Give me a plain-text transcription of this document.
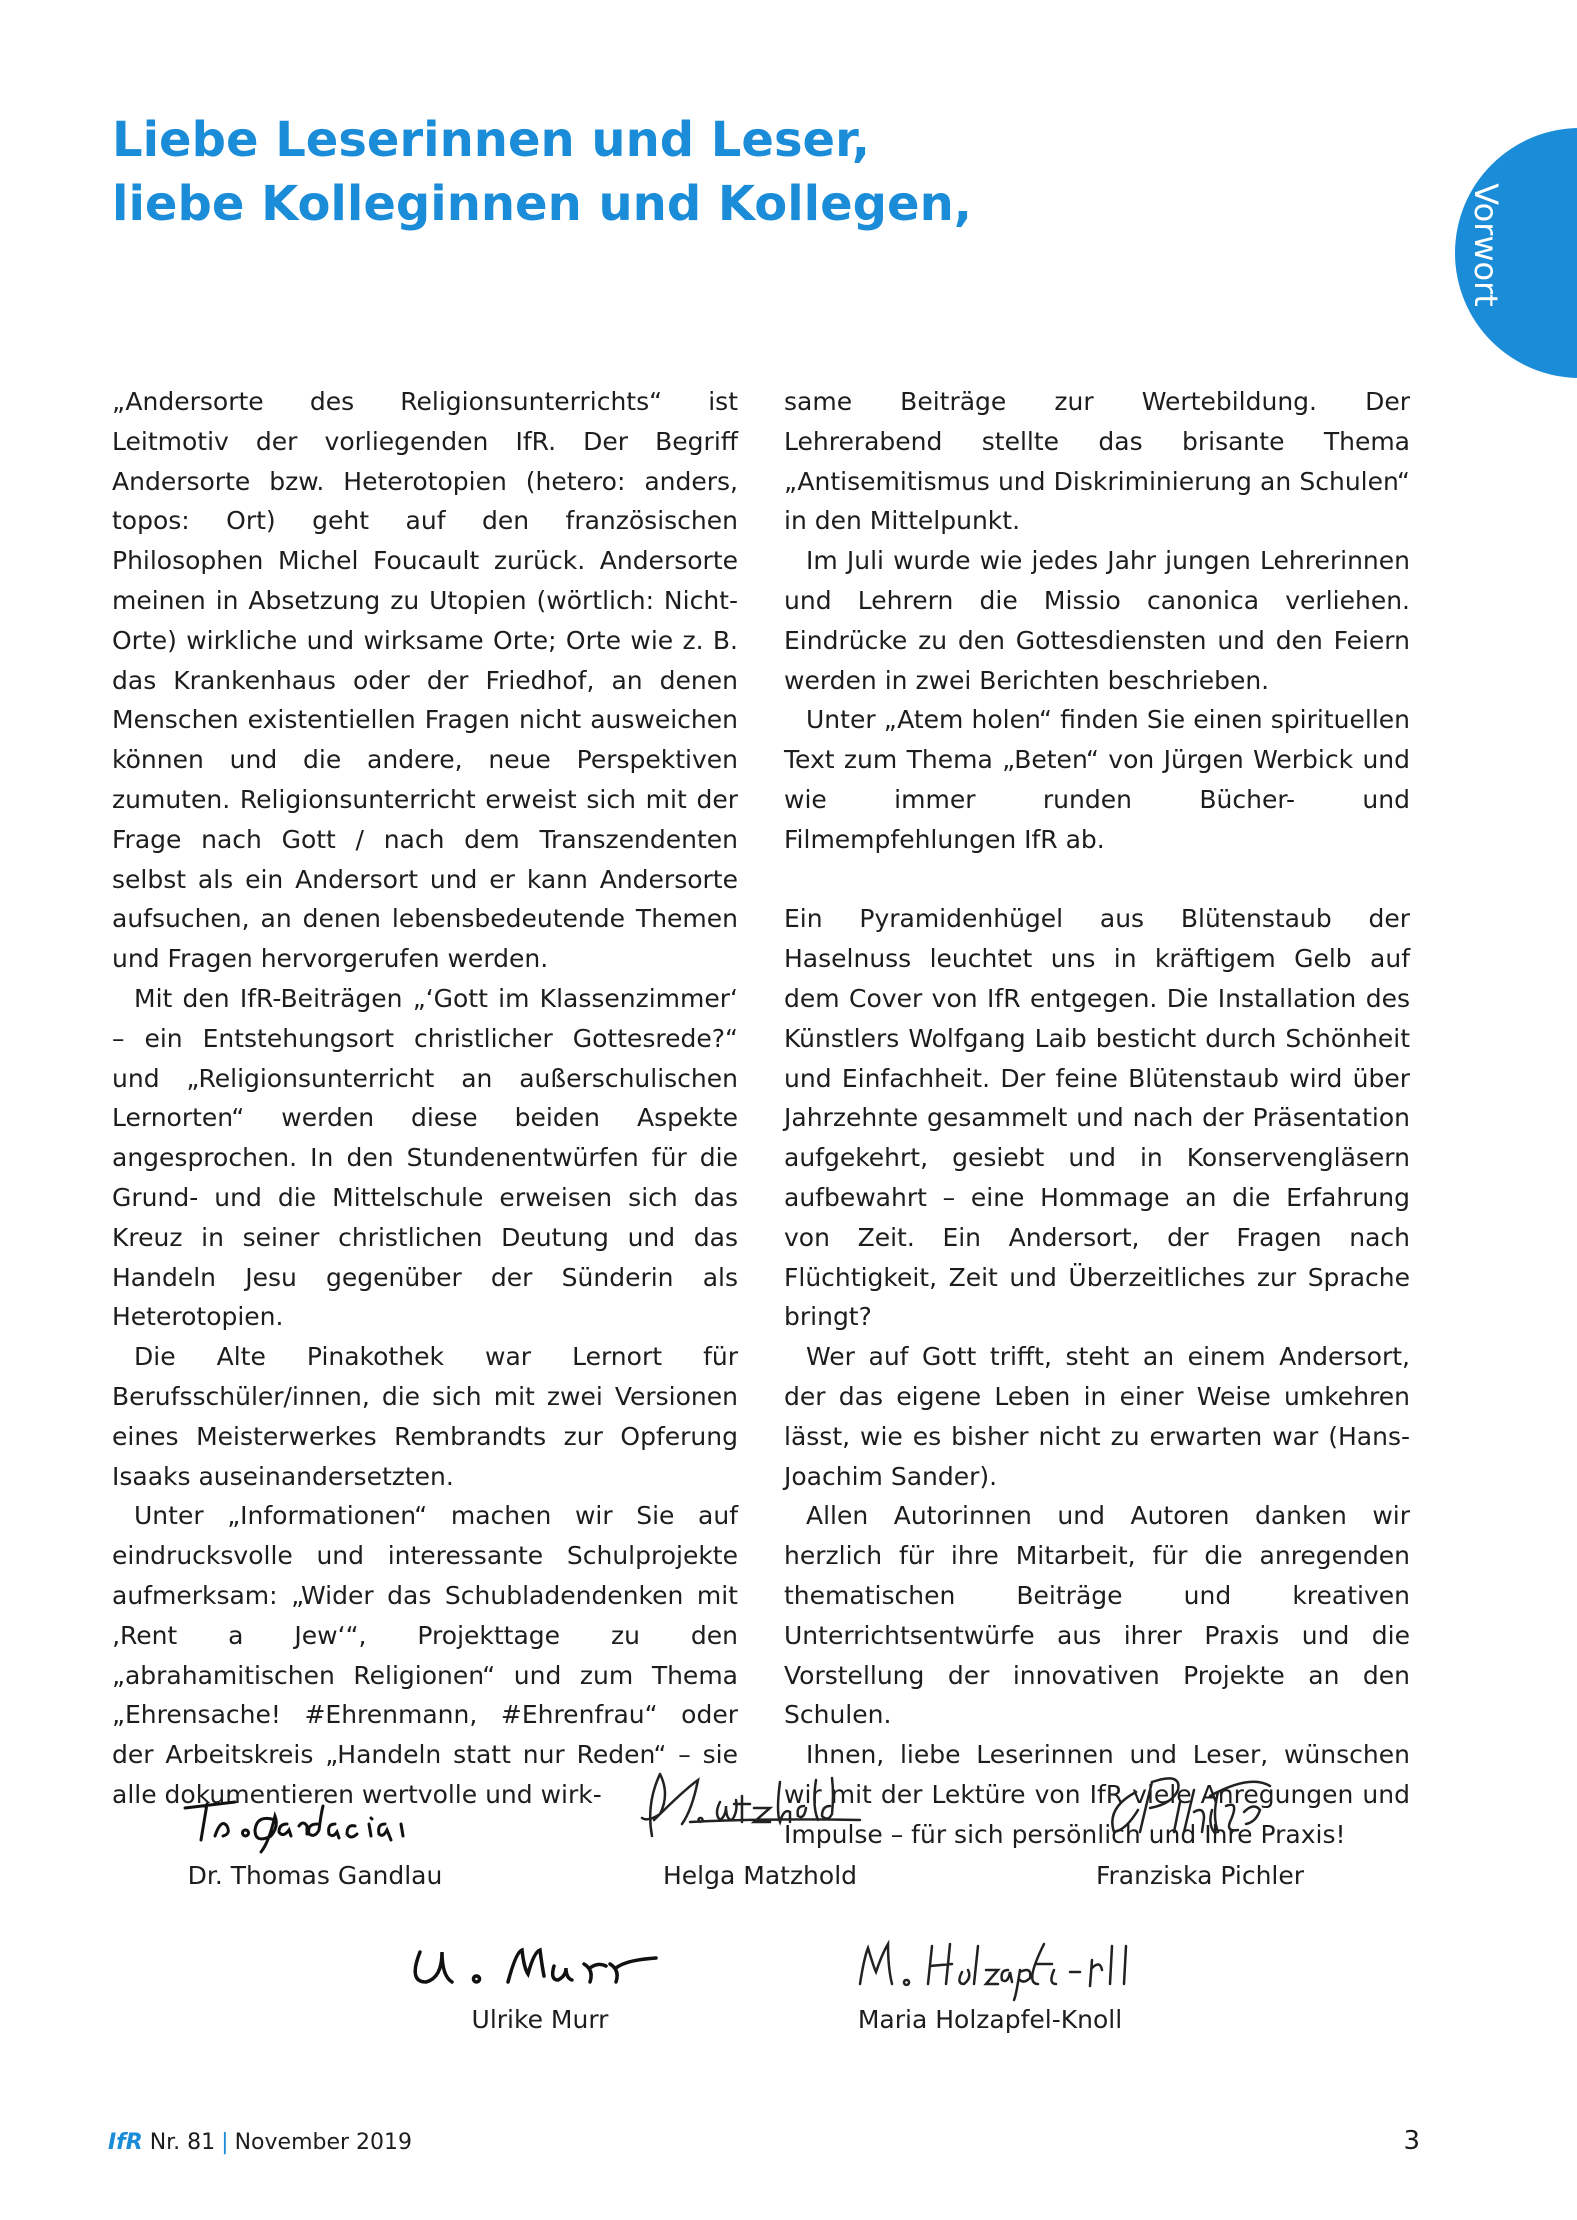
Liebe Leserinnen und Leser,
liebe Kolleginnen und Kollegen,	Vorwort

„Andersorte des Religionsunterrichts“ ist Leitmotiv der vorliegenden IfR. Der Begriff Andersorte bzw. Heterotopien (hetero: anders, topos: Ort) geht auf den französischen Philosophen Michel Foucault zurück. Andersorte meinen in Absetzung zu Utopien (wörtlich: Nicht-Orte) wirkliche und wirksame Orte; Orte wie z. B. das Krankenhaus oder der Friedhof, an denen Menschen existentiellen Fragen nicht ausweichen können und die andere, neue Perspektiven zumuten. Religionsunterricht erweist sich mit der Frage nach Gott / nach dem Transzendenten selbst als ein Andersort und er kann Andersorte aufsuchen, an denen lebensbedeutende Themen und Fragen hervorgerufen werden.

Mit den IfR-Beiträgen „‘Gott im Klassenzimmer‘ – ein Entstehungsort christlicher Gottesrede?“ und „Religionsunterricht an außerschulischen Lernorten“ werden diese beiden Aspekte angesprochen. In den Stundenentwürfen für die Grund- und die Mittelschule erweisen sich das Kreuz in seiner christlichen Deutung und das Handeln Jesu gegenüber der Sünderin als Heterotopien.

Die Alte Pinakothek war Lernort für Berufsschüler/innen, die sich mit zwei Versionen eines Meisterwerkes Rembrandts zur Opferung Isaaks auseinandersetzten.

Unter „Informationen“ machen wir Sie auf eindrucksvolle und interessante Schulprojekte aufmerksam: „Wider das Schubladendenken mit ‚Rent a Jew‘“, Projekttage zu den „abrahamitischen Religionen“ und zum Thema „Ehrensache! #Ehrenmann, #Ehrenfrau“ oder der Arbeitskreis „Handeln statt nur Reden“ – sie alle dokumentieren wertvolle und wirk-

same Beiträge zur Wertebildung. Der Lehrerabend stellte das brisante Thema „Antisemitismus und Diskriminierung an Schulen“ in den Mittelpunkt.

Im Juli wurde wie jedes Jahr jungen Lehrerinnen und Lehrern die Missio canonica verliehen. Eindrücke zu den Gottesdiensten und den Feiern werden in zwei Berichten beschrieben.

Unter „Atem holen“ finden Sie einen spirituellen Text zum Thema „Beten“ von Jürgen Werbick und wie immer runden Bücher- und Filmempfehlungen IfR ab.

Ein Pyramidenhügel aus Blütenstaub der Haselnuss leuchtet uns in kräftigem Gelb auf dem Cover von IfR entgegen. Die Installation des Künstlers Wolfgang Laib besticht durch Schönheit und Einfachheit. Der feine Blütenstaub wird über Jahrzehnte gesammelt und nach der Präsentation aufgekehrt, gesiebt und in Konservengläsern aufbewahrt – eine Hommage an die Erfahrung von Zeit. Ein Andersort, der Fragen nach Flüchtigkeit, Zeit und Überzeitliches zur Sprache bringt?

Wer auf Gott trifft, steht an einem Andersort, der das eigene Leben in einer Weise umkehren lässt, wie es bisher nicht zu erwarten war (Hans-Joachim Sander).

Allen Autorinnen und Autoren danken wir herzlich für ihre Mitarbeit, für die anregenden thematischen Beiträge und kreativen Unterrichtsentwürfe aus ihrer Praxis und die Vorstellung der innovativen Projekte an den Schulen.

Ihnen, liebe Leserinnen und Leser, wünschen wir mit der Lektüre von IfR viele Anregungen und Impulse – für sich persönlich und Ihre Praxis!

Dr. Thomas Gandlau	Helga Matzhold	Franziska Pichler
Ulrike Murr	Maria Holzapfel-Knoll
IfR Nr. 81 | November 2019	3
